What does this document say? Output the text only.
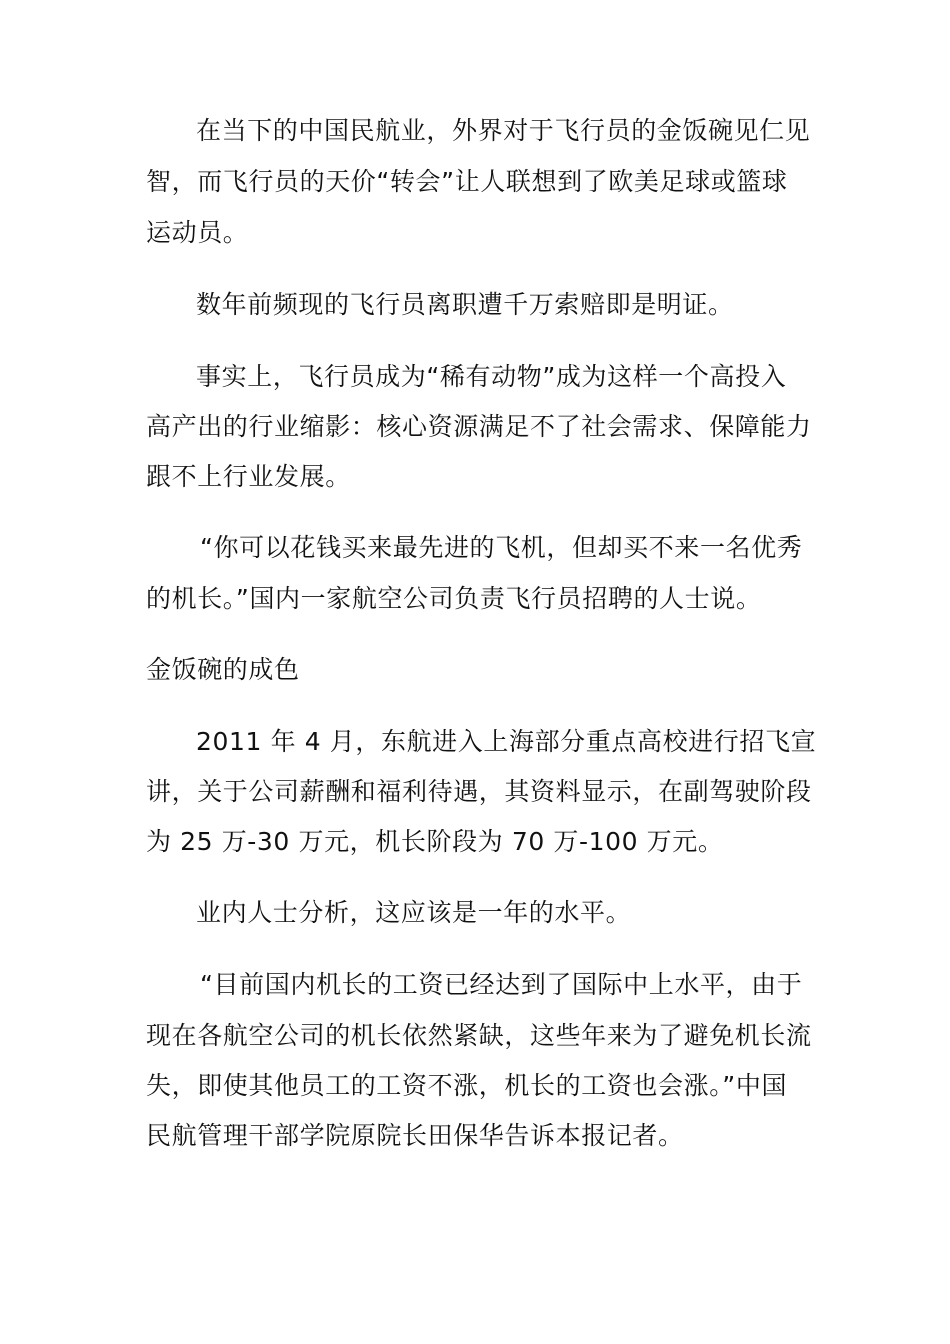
在当下的中国民航业，外界对于飞行员的金饭碗见仁见
智，而飞行员的天价“转会”让人联想到了欧美足球或篮球
运动员。
数年前频现的飞行员离职遭千万索赔即是明证。
事实上，飞行员成为“稀有动物”成为这样一个高投入
高产出的行业缩影：核心资源满足不了社会需求、保障能力
跟不上行业发展。
“你可以花钱买来最先进的飞机，但却买不来一名优秀
的机长。”国内一家航空公司负责飞行员招聘的人士说。
金饭碗的成色
2011 年 4 月，东航进入上海部分重点高校进行招飞宣
讲，关于公司薪酬和福利待遇，其资料显示，在副驾驶阶段
为 25 万-30 万元，机长阶段为 70 万-100 万元。
业内人士分析，这应该是一年的水平。
“目前国内机长的工资已经达到了国际中上水平，由于
现在各航空公司的机长依然紧缺，这些年来为了避免机长流
失，即使其他员工的工资不涨，机长的工资也会涨。”中国
民航管理干部学院原院长田保华告诉本报记者。
